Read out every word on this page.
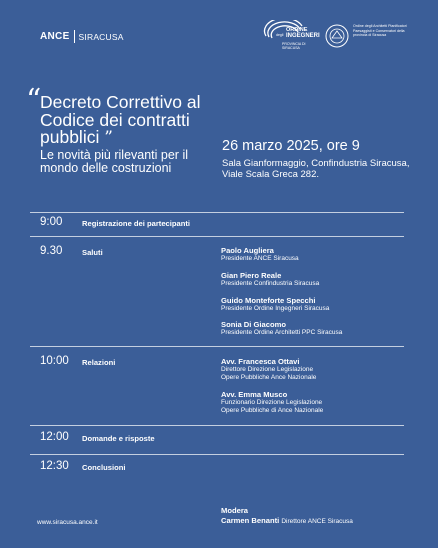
ANCE SIRACUSA
ORDINE
degli INGEGNERI
PROVINCIA DI SIRACUSA
Ordine degli Architetti Pianificatori Paesaggisti e Conservatori della provincia di Siracusa
“
Decreto Correttivo al Codice dei contratti pubblici ”
Le novità più rilevanti per il mondo delle costruzioni
26 marzo 2025, ore 9
Sala Gianformaggio, Confindustria Siracusa,
Viale Scala Greca 282.
9:00	Registrazione dei partecipanti
9.30	Saluti	Paolo Augliera
Presidente ANCE Siracusa
Gian Piero Reale
Presidente Confindustria Siracusa
Guido Monteforte Specchi
Presidente Ordine Ingegneri Siracusa
Sonia Di Giacomo
Presidente Ordine Architetti PPC Siracusa
10:00 Relazioni	Avv. Francesca Ottavi
Direttore Direzione Legislazione
Opere Pubbliche Ance Nazionale
Avv. Emma Musco
Funzionario Direzione Legislazione
Opere Pubbliche di Ance Nazionale
12:00 Domande e risposte
12:30 Conclusioni
www.siracusa.ance.it
Modera
Carmen Benanti Direttore ANCE Siracusa
